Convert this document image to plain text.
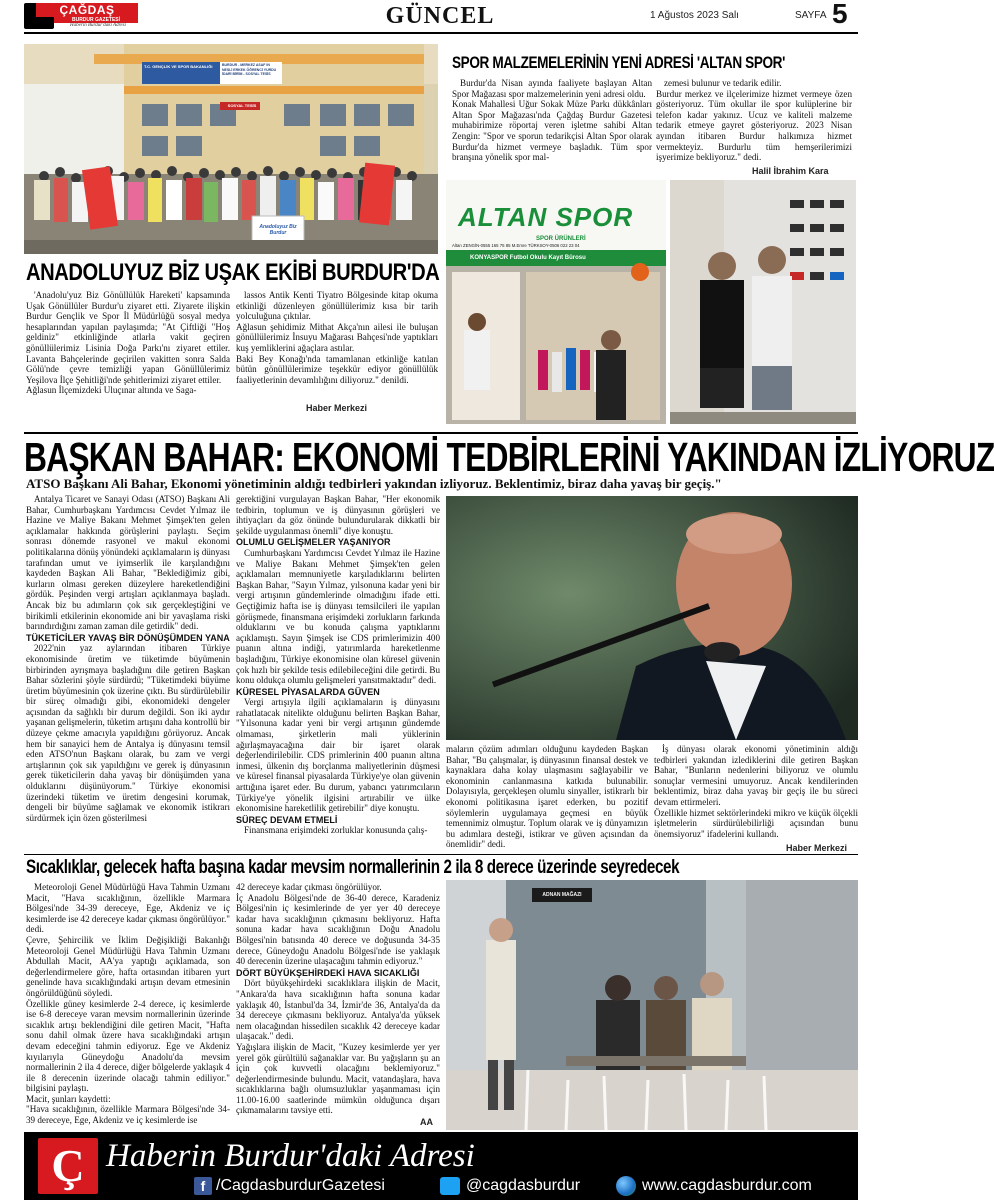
ÇAĞDAŞ
BURDUR GAZETESİ
Haberin Burdur'daki Adresi	GÜNCEL	1 Ağustos 2023 Salı	SAYFA 5
T.C. GENÇLİK VE SPOR BAKANLIĞI	BURDUR - MERKEZ ASAF IN NESLİ ERKEK ÖĞRENCİ YURDU İDARİ BİRİM - SOSYAL TESİS
SOSYAL TESİS
Anadoluyuz Biz Burdur
ANADOLUYUZ BİZ UŞAK EKİBİ BURDUR'DA

'Anadolu'yuz Biz Gönüllülük Hareketi' kapsamında Uşak Gönüllüler Burdur'u ziyaret etti. Ziyarete ilişkin Burdur Gençlik ve Spor İl Müdürlüğü sosyal medya hesaplarından yapılan paylaşımda; "At Çiftliği "Hoş geldiniz" etkinliğinde atlarla vakit geçiren gönüllülerimiz Lisinia Doğa Parkı'nı ziyaret ettiler. Lavanta Bahçelerinde geçirilen vakitten sonra Salda Gölü'nde çevre temizliği yapan Gönüllülerimiz Yeşilova İlçe Şehitliği'nde şehitlerimizi ziyaret ettiler.
Ağlasun İlçemizdeki Uluçınar altında ve Saga-

lassos Antik Kenti Tiyatro Bölgesinde kitap okuma etkinliği düzenleyen gönüllülerimiz kısa bir tarih yolculuğuna çıktılar.
Ağlasun şehidimiz Mithat Akça'nın ailesi ile buluşan gönüllülerimiz İnsuyu Mağarası Bahçesi'nde yaptıkları kuş yemliklerini ağaçlara astılar.
Baki Bey Konağı'nda tamamlanan etkinliğe katılan bütün gönüllülerimize teşekkür ediyor gönüllülük faaliyetlerinin devamlılığını diliyoruz." denildi.

Haber Merkezi
SPOR MALZEMELERİNİN YENİ ADRESİ 'ALTAN SPOR'

Burdur'da Nisan ayında faaliyete başlayan Altan Spor Mağazası spor malzemelerinin yeni adresi oldu.
Konak Mahallesi Uğur Sokak Müze Parkı dükkânları Altan Spor Mağazası'nda Çağdaş Burdur Gazetesi muhabirimize röportaj veren işletme sahibi Altan Zengin: "Spor ve sporun tedarikçisi Altan Spor olarak Burdur'da hizmet vermeye başladık. Tüm spor branşına yönelik spor mal-

zemesi bulunur ve tedarik edilir.
Burdur merkez ve ilçelerimize hizmet vermeye özen gösteriyoruz. Tüm okullar ile spor kulüplerine bir telefon kadar yakınız. Ucuz ve kaliteli malzeme tedarik etmeye gayret gösteriyoruz. 2023 Nisan ayından itibaren Burdur halkımıza hizmet vermekteyiz. Burdurlu tüm hemşerilerimizi işyerimize bekliyoruz." dedi.

Halil İbrahim Kara
ALTAN SPOR
SPOR ÜRÜNLERİ
Altan ZENGİN-0555 165 75 85 M.Emre TÜRKSOY-0506 022 23 04
KONYASPOR Futbol Okulu Kayıt Bürosu
BAŞKAN BAHAR: EKONOMİ TEDBİRLERİNİ YAKINDAN İZLİYORUZ
ATSO Başkanı Ali Bahar, Ekonomi yönetiminin aldığı tedbirleri yakından izliyoruz. Beklentimiz, biraz daha yavaş bir geçiş."

Antalya Ticaret ve Sanayi Odası (ATSO) Başkanı Ali Bahar, Cumhurbaşkanı Yardımcısı Cevdet Yılmaz ile Hazine ve Maliye Bakanı Mehmet Şimşek'ten gelen açıklamalar hakkında görüşlerini paylaştı. Seçim sonrası dönemde rasyonel ve makul ekonomi politikalarına dönüş yönündeki açıklamaların iş dünyası tarafından umut ve iyimserlik ile karşılandığını kaydeden Başkan Ali Bahar, "Beklediğimiz gibi, kurların olması gereken düzeylere hareketlendiğini gördük. Peşinden vergi artışları açıklanmaya başladı. Ancak biz bu adımların çok sık gerçekleştiğini ve birikimli etkilerinin ekonomide ani bir yavaşlama riski barındırdığını zaman zaman dile getirdik" dedi.

TÜKETİCİLER YAVAŞ BİR DÖNÜŞÜMDEN YANA

2022'nin yaz aylarından itibaren Türkiye ekonomisinde üretim ve tüketimde büyümenin birbirinden ayrışmaya başladığını dile getiren Başkan Bahar sözlerini şöyle sürdürdü; "Tüketimdeki büyüme üretim büyümesinin çok üzerine çıktı. Bu sürdürülebilir bir süreç olmadığı gibi, ekonomideki dengeler açısından da sağlıklı bir durum değildi. Son iki aydır yaşanan gelişmelerin, tüketim artışını daha kontrollü bir düzeye çekme amacıyla yapıldığını görüyoruz. Ancak hem bir sanayici hem de Antalya iş dünyasını temsil eden ATSO'nun Başkanı olarak, bu zam ve vergi artışlarının çok sık yapıldığını ve gerek iş dünyasının gerek tüketicilerin daha yavaş bir dönüşümden yana olduklarını düşünüyorum." Türkiye ekonomisi üzerindeki tüketim ve üretim dengesini korumak, dengeli bir büyüme sağlamak ve ekonomik istikrarı sürdürmek için özen gösterilmesi

gerektiğini vurgulayan Başkan Bahar, "Her ekonomik tedbirin, toplumun ve iş dünyasının görüşleri ve ihtiyaçları da göz önünde bulundurularak dikkatli bir şekilde uygulanması önemli" diye konuştu.

OLUMLU GELİŞMELER YAŞANIYOR

Cumhurbaşkanı Yardımcısı Cevdet Yılmaz ile Hazine ve Maliye Bakanı Mehmet Şimşek'ten gelen açıklamaları memnuniyetle karşıladıklarını belirten Başkan Bahar, "Sayın Yılmaz, yılsonuna kadar yeni bir vergi artışının gündemlerinde olmadığını ifade etti. Geçtiğimiz hafta ise iş dünyası temsilcileri ile yapılan görüşmede, finansmana erişimdeki zorlukların farkında olduklarını ve bu konuda çalışma yaptıklarını açıklamıştı. Sayın Şimşek ise CDS primlerimizin 400 puanın altına indiği, yatırımlarda hareketlenme başladığını, Türkiye ekonomisine olan küresel güvenin çok hızlı bir şekilde tesis edilebileceğini dile getirdi. Bu konu oldukça olumlu gelişmeleri yansıtmaktadır" dedi.

KÜRESEL PİYASALARDA GÜVEN

Vergi artışıyla ilgili açıklamaların iş dünyasını rahatlatacak nitelikte olduğunu belirten Başkan Bahar, "Yılsonuna kadar yeni bir vergi artışının gündemde olmaması, şirketlerin mali yüklerinin ağırlaşmayacağına dair bir işaret olarak değerlendirilebilir. CDS primlerinin 400 puanın altına inmesi, ülkenin dış borçlanma maliyetlerinin düşmesi ve küresel finansal piyasalarda Türkiye'ye olan güvenin arttığına işaret eder. Bu durum, yabancı yatırımcıların Türkiye'ye yönelik ilgisini artırabilir ve ülke ekonomisine hareketlilik getirebilir" diye konuştu.

SÜREÇ DEVAM ETMELİ

Finansmana erişimdeki zorluklar konusunda çalış-

maların çözüm adımları olduğunu kaydeden Başkan Bahar, "Bu çalışmalar, iş dünyasının finansal destek ve kaynaklara daha kolay ulaşmasını sağlayabilir ve ekonominin canlanmasına katkıda bulunabilir. Dolayısıyla, gerçekleşen olumlu sinyaller, istikrarlı bir ekonomi politikasına işaret ederken, bu pozitif söylemlerin uygulamaya geçmesi en büyük temennimiz olmuştur. Toplum olarak ve iş dünyamızın bu adımlara desteği, istikrar ve güven açısından da önemlidir" dedi.

İş dünyası olarak ekonomi yönetiminin aldığı tedbirleri yakından izlediklerini dile getiren Başkan Bahar, "Bunların nedenlerini biliyoruz ve olumlu sonuçlar vermesini umuyoruz. Ancak kendilerinden beklentimiz, biraz daha yavaş bir geçiş ile bu süreci devam ettirmeleri.
Özellikle hizmet sektörlerindeki mikro ve küçük ölçekli işletmelerin sürdürülebilirliği açısından bunu önemsiyoruz" ifadelerini kullandı.

Haber Merkezi
Sıcaklıklar, gelecek hafta başına kadar mevsim normallerinin 2 ila 8 derece üzerinde seyredecek

Meteoroloji Genel Müdürlüğü Hava Tahmin Uzmanı Macit, "Hava sıcaklığının, özellikle Marmara Bölgesi'nde 34-39 dereceye, Ege, Akdeniz ve iç kesimlerde ise 42 dereceye kadar çıkması öngörülüyor." dedi.
Çevre, Şehircilik ve İklim Değişikliği Bakanlığı Meteoroloji Genel Müdürlüğü Hava Tahmin Uzmanı Abdullah Macit, AA'ya yaptığı açıklamada, son değerlendirmelere göre, hafta ortasından itibaren yurt genelinde hava sıcaklığındaki artışın devam etmesinin öngörüldüğünü söyledi.
Özellikle güney kesimlerde 2-4 derece, iç kesimlerde ise 6-8 dereceye varan mevsim normallerinin üzerinde sıcaklık artışı beklendiğini dile getiren Macit, "Hafta sonu dahil olmak üzere hava sıcaklığındaki artışın devam edeceğini tahmin ediyoruz. Ege ve Akdeniz kıyılarıyla Güneydoğu Anadolu'da mevsim normallerinin 2 ila 4 derece, diğer bölgelerde yaklaşık 4 ile 8 derecenin üzerinde olacağı tahmin ediliyor." bilgisini paylaştı.
Macit, şunları kaydetti:
"Hava sıcaklığının, özellikle Marmara Bölgesi'nde 34-39 dereceye, Ege, Akdeniz ve iç kesimlerde ise

42 dereceye kadar çıkması öngörülüyor.
İç Anadolu Bölgesi'nde de 36-40 derece, Karadeniz Bölgesi'nin iç kesimlerinde de yer yer 40 dereceye kadar hava sıcaklığının çıkmasını bekliyoruz. Hafta sonuna kadar hava sıcaklığının Doğu Anadolu Bölgesi'nin batısında 40 derece ve doğusunda 34-35 derece, Güneydoğu Anadolu Bölgesi'nde ise yaklaşık 40 derecenin üzerine ulaşacağını tahmin ediyoruz."

DÖRT BÜYÜKŞEHİRDEKİ HAVA SICAKLIĞI

Dört büyükşehirdeki sıcaklıklara ilişkin de Macit, "Ankara'da hava sıcaklığının hafta sonuna kadar yaklaşık 40, İstanbul'da 34, İzmir'de 36, Antalya'da da 34 dereceye çıkmasını bekliyoruz. Antalya'da yüksek nem olacağından hissedilen sıcaklık 42 dereceye kadar ulaşacak." dedi.
Yağışlara ilişkin de Macit, "Kuzey kesimlerde yer yer yerel gök gürültülü sağanaklar var. Bu yağışların şu an için çok kuvvetli olacağını beklemiyoruz." değerlendirmesinde bulundu. Macit, vatandaşlara, hava sıcaklıklarına bağlı olumsuzluklar yaşanmaması için 11.00-16.00 saatlerinde mümkün olduğunca dışarı çıkmamalarını tavsiye etti.

AA
ADNAN MAĞAZI
Ç Haberin Burdur'daki Adresi
f /CagdasburdurGazetesi	@cagdasburdur	www.cagdasburdur.com
